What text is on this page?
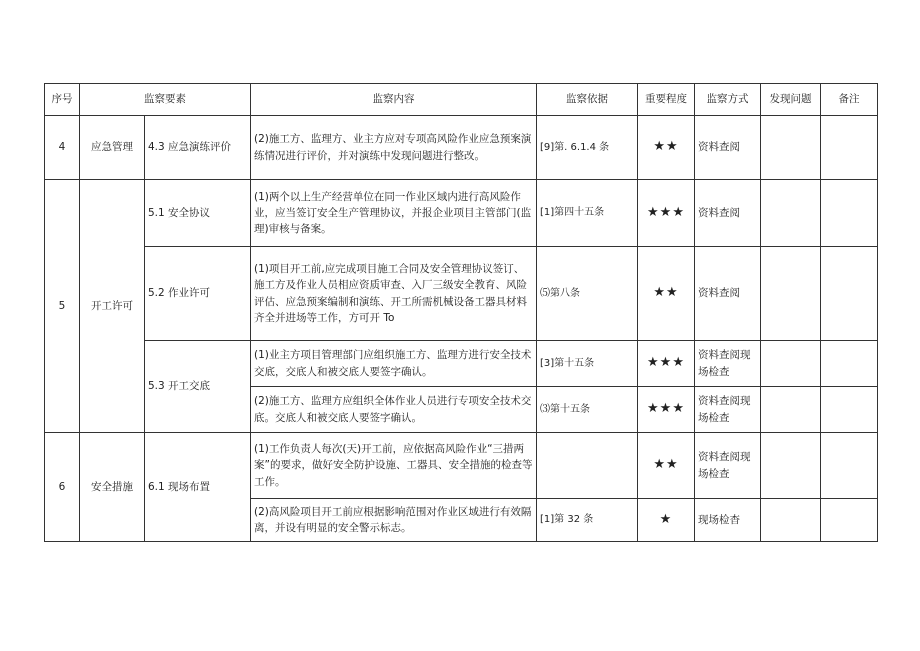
序号	监察要素		监察内容	监察依据	重要程度	监察方式	发现问题	备注
4	应急管理	4.3 应急演练评价	(2)施工方、监理方、业主方应对专项高风险作业应急预案演练情况进行评价，并对演练中发现问题进行整改。	[9]第. 6.1.4 条	★★	资料查阅		
5	开工许可	5.1 安全协议	(1)两个以上生产经营单位在同一作业区域内进行高风险作业，应当签订安全生产管理协议，并报企业项目主管部门(监理)审核与备案。	[1]第四十五条	★★★	资料查阅		
		5.2 作业许可	(1)项目开工前,应完成项目施工合同及安全管理协议签订、施工方及作业人员相应资质审查、入厂三级安全教育、风险评估、应急预案编制和演练、开工所需机械设备工器具材料齐全并进场等工作，方可开 To	⑸第八条	★★	资料查阅		
		5.3 开工交底	(1)业主方项目管理部门应组织施工方、监理方进行安全技术交底，交底人和被交底人要签字确认。	[3]第十五条	★★★	资料查阅现场检查		
			(2)施工方、监理方应组织全体作业人员进行专项安全技术交底。交底人和被交底人要签字确认。	⑶第十五条	★★★	资料查阅现场检查		
6	安全措施	6.1 现场布置	(1)工作负责人每次(天)开工前，应依据高风险作业“三措两案”的要求，做好安全防护设施、工器具、安全措施的检查等工作。		★★	资料查阅现场检查		
			(2)高风险项目开工前应根据影响范围对作业区域进行有效隔离，并设有明显的安全警示标志。	[1]第 32 条	★	现场检杳		
